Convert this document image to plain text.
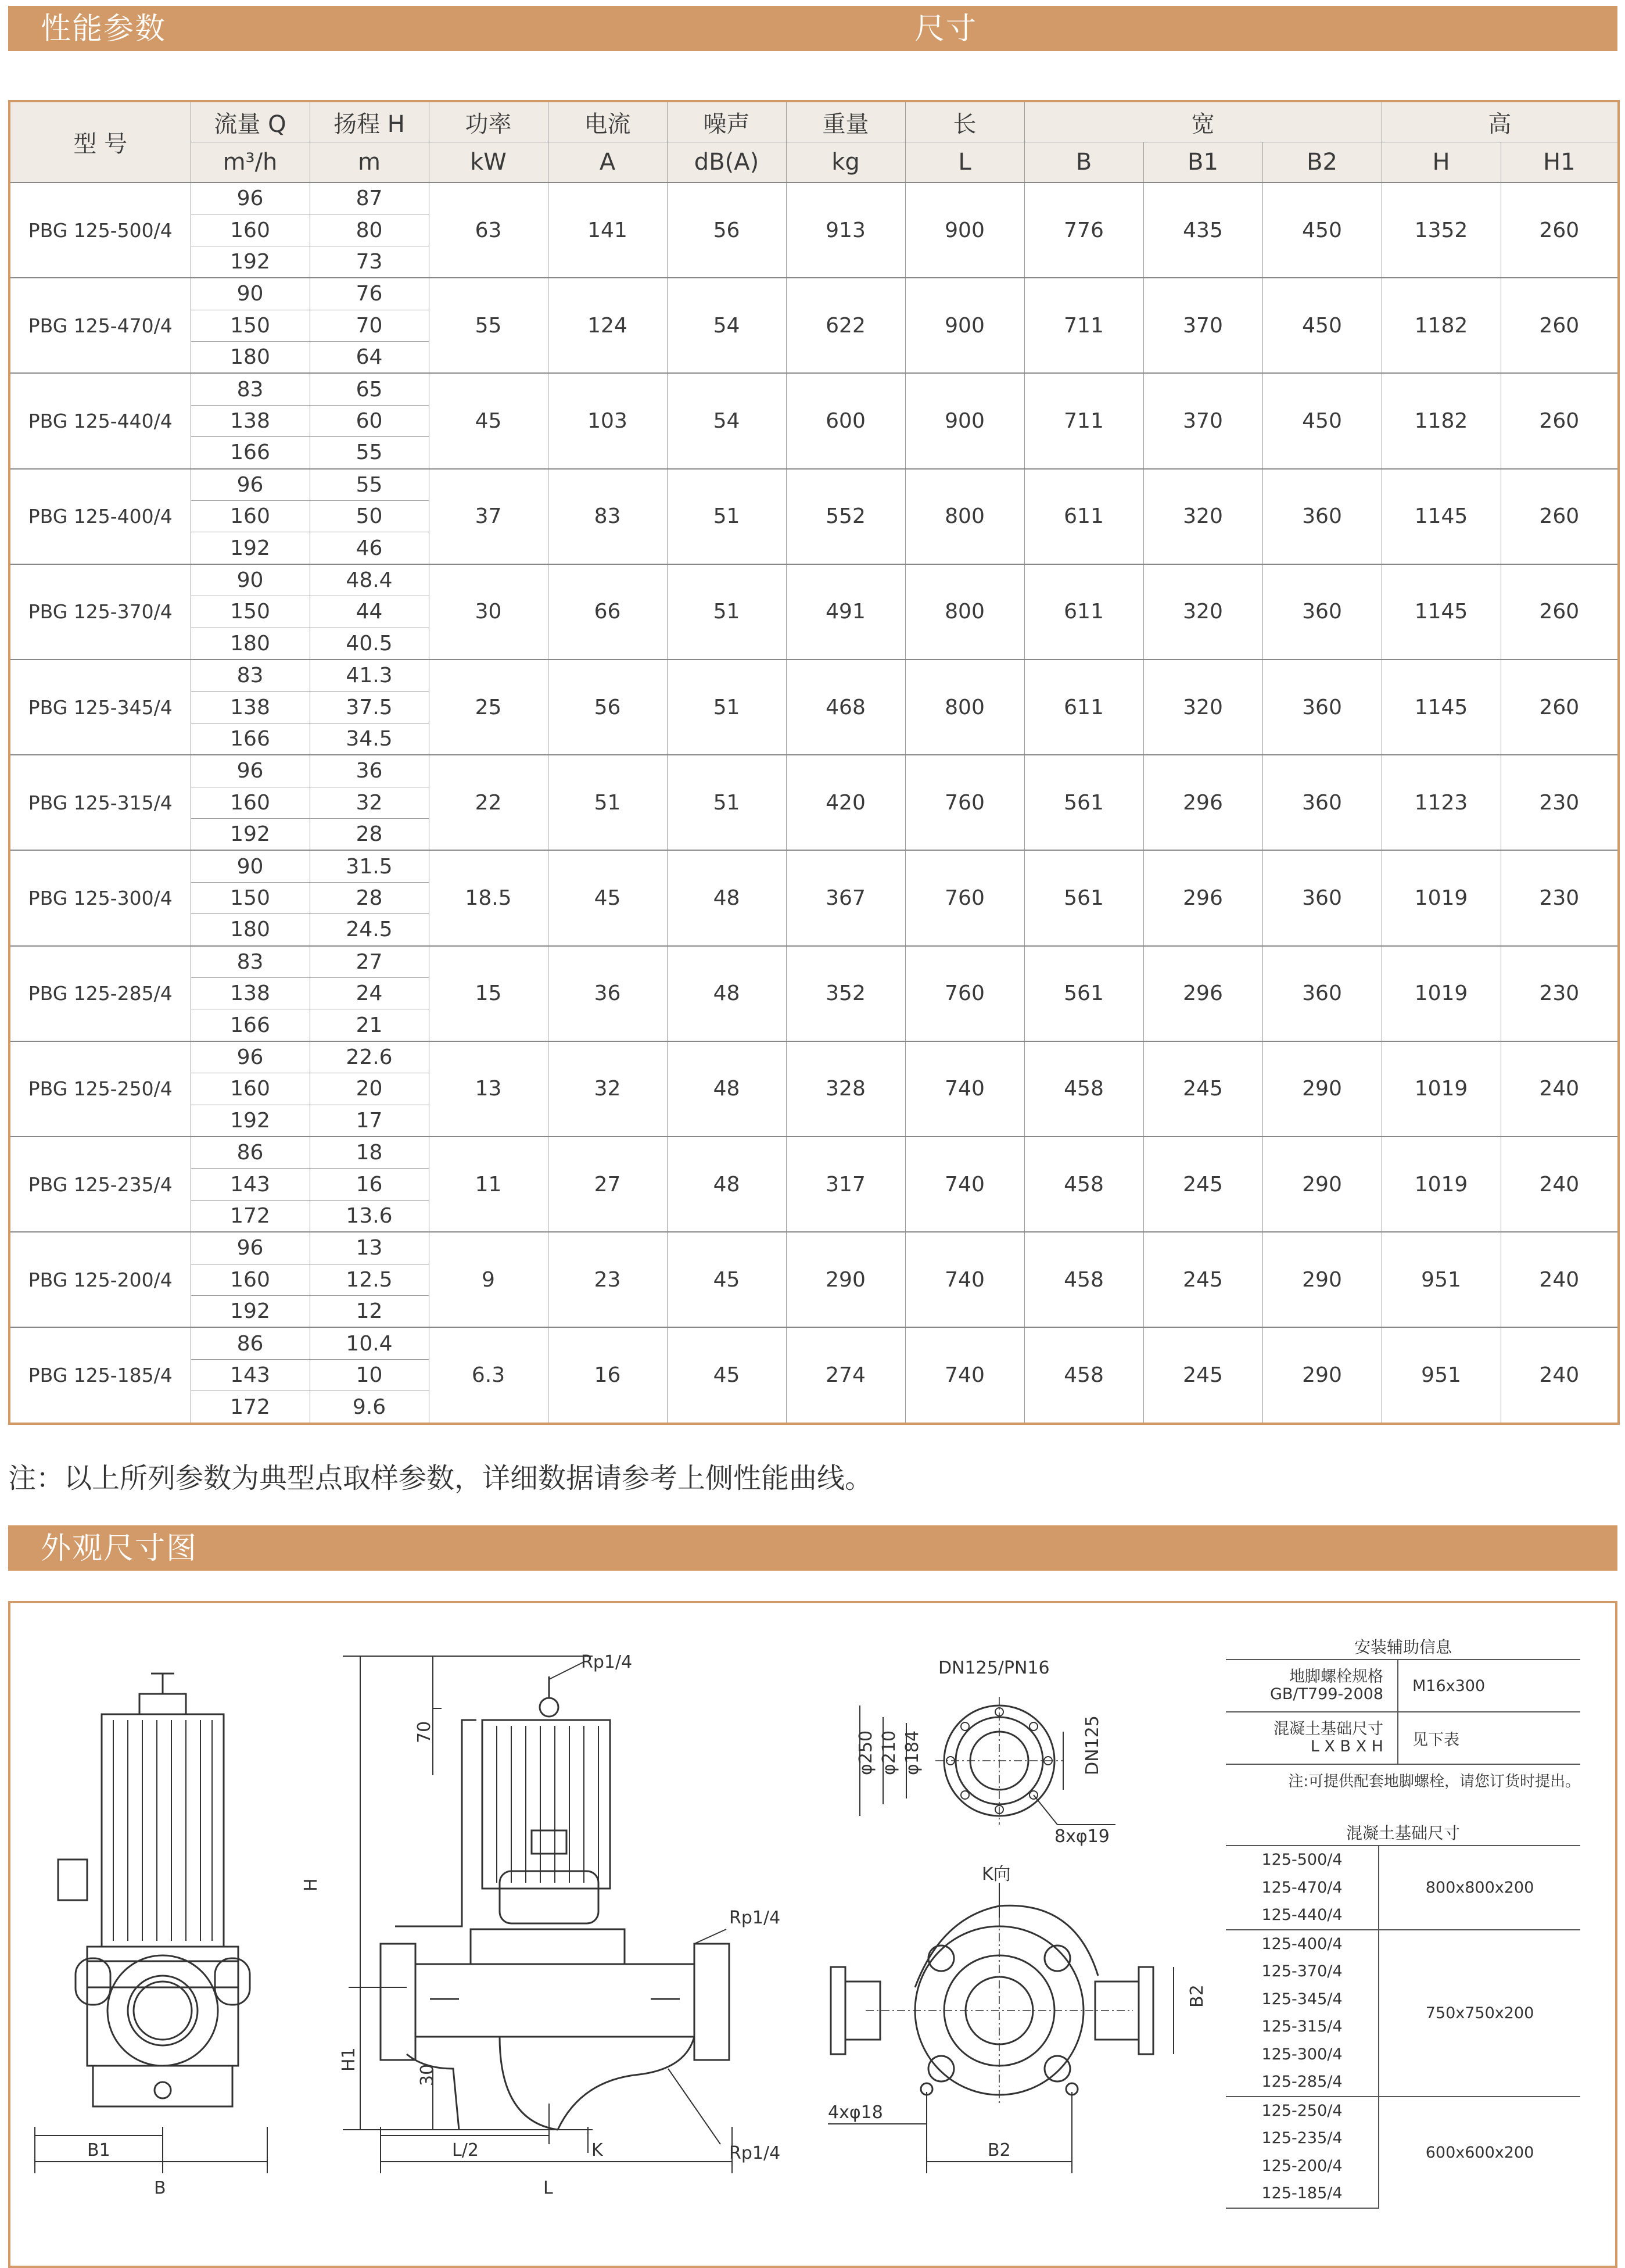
性能参数	尺寸
型 号	流量 Q	扬程 H	功率	电流	噪声	重量	长	宽			高	
	m³/h	m	kW	A	dB(A)	kg	L	B	B1	B2	H	H1
PBG 125-500/4	96	87	63	141	56	913	900	776	435	450	1352	260
	160	80										
	192	73										
PBG 125-470/4	90	76	55	124	54	622	900	711	370	450	1182	260
	150	70										
	180	64										
PBG 125-440/4	83	65	45	103	54	600	900	711	370	450	1182	260
	138	60										
	166	55										
PBG 125-400/4	96	55	37	83	51	552	800	611	320	360	1145	260
	160	50										
	192	46										
PBG 125-370/4	90	48.4	30	66	51	491	800	611	320	360	1145	260
	150	44										
	180	40.5										
PBG 125-345/4	83	41.3	25	56	51	468	800	611	320	360	1145	260
	138	37.5										
	166	34.5										
PBG 125-315/4	96	36	22	51	51	420	760	561	296	360	1123	230
	160	32										
	192	28										
PBG 125-300/4	90	31.5	18.5	45	48	367	760	561	296	360	1019	230
	150	28										
	180	24.5										
PBG 125-285/4	83	27	15	36	48	352	760	561	296	360	1019	230
	138	24										
	166	21										
PBG 125-250/4	96	22.6	13	32	48	328	740	458	245	290	1019	240
	160	20										
	192	17										
PBG 125-235/4	86	18	11	27	48	317	740	458	245	290	1019	240
	143	16										
	172	13.6										
PBG 125-200/4	96	13	9	23	45	290	740	458	245	290	951	240
	160	12.5										
	192	12										
PBG 125-185/4	86	10.4	6.3	16	45	274	740	458	245	290	951	240
	143	10										
	172	9.6										
注：以上所列参数为典型点取样参数，详细数据请参考上侧性能曲线。
外观尺寸图
Rp1/4
Rp1/4
Rp1/4
70
H
H1
30
L/2	K
L
B1
B
DN125/PN16
φ250 φ210 φ184	DN125
8xφ19
K向
4xφ18
B2
B2
安装辅助信息
地脚螺栓规格
GB/T799-2008	M16x300
混凝土基础尺寸
L X B X H	见下表
注:可提供配套地脚螺栓，请您订货时提出。
混凝土基础尺寸
125-500/4	800x800x200
125-470/4	
125-440/4	
125-400/4	750x750x200
125-370/4	
125-345/4	
125-315/4	
125-300/4	
125-285/4	
125-250/4	600x600x200
125-235/4	
125-200/4	
125-185/4	
